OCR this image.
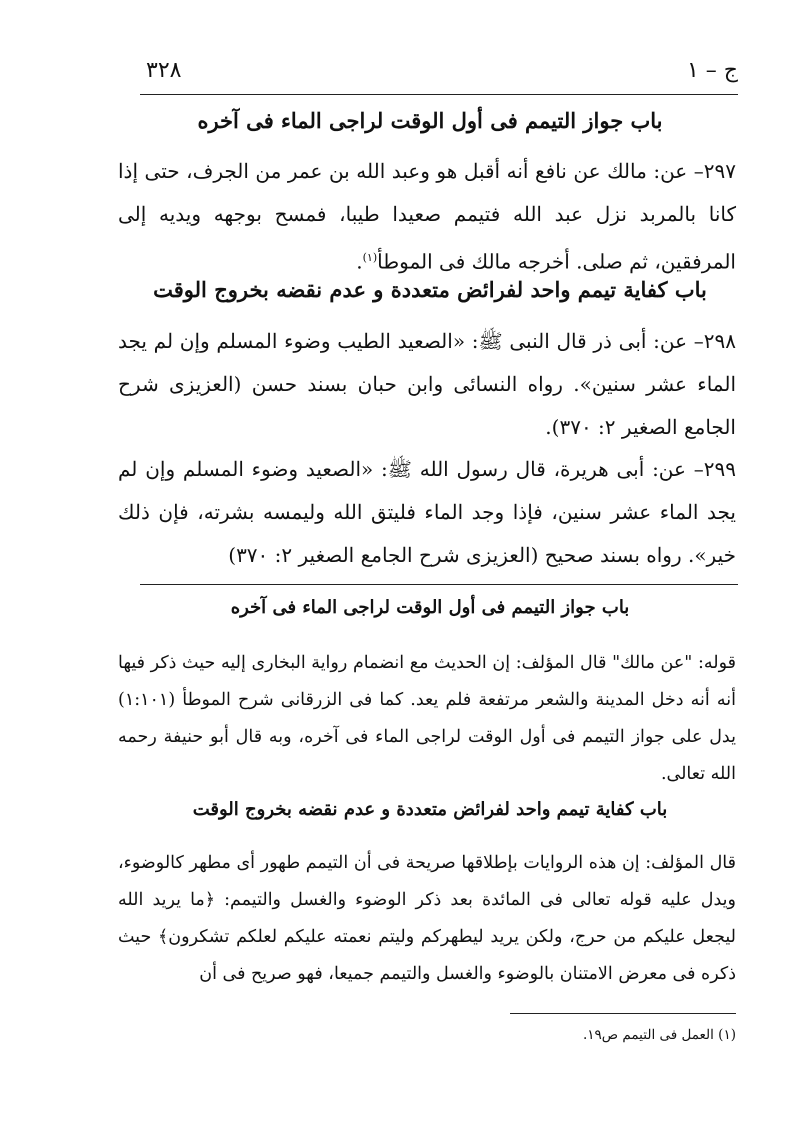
ج – ١
٣٢٨
باب جواز التيمم فى أول الوقت لراجى الماء فى آخره
٢٩٧– عن: مالك عن نافع أنه أقبل هو وعبد الله بن عمر من الجرف، حتى إذا كانا بالمربد نزل عبد الله فتيمم صعيدا طيبا، فمسح بوجهه ويديه إلى المرفقين، ثم صلى. أخرجه مالك فى الموطأ$^{(١)}$.
باب كفاية تيمم واحد لفرائض متعددة و عدم نقضه بخروج الوقت
٢٩٨– عن: أبى ذر قال النبى ﷺ: «الصعيد الطيب وضوء المسلم وإن لم يجد الماء عشر سنين». رواه النسائى وابن حبان بسند حسن (العزيزى شرح الجامع الصغير ٢: ٣٧٠).
٢٩٩– عن: أبى هريرة، قال رسول الله ﷺ: «الصعيد وضوء المسلم وإن لم يجد الماء عشر سنين، فإذا وجد الماء فليتق الله وليمسه بشرته، فإن ذلك خير». رواه بسند صحيح (العزيزى شرح الجامع الصغير ٢: ٣٧٠)
باب جواز التيمم فى أول الوقت لراجى الماء فى آخره
قوله: "عن مالك" قال المؤلف: إن الحديث مع انضمام رواية البخارى إليه حيث ذكر فيها أنه أنه دخل المدينة والشعر مرتفعة فلم يعد. كما فى الزرقانى شرح الموطأ (١:١٠١) يدل على جواز التيمم فى أول الوقت لراجى الماء فى آخره، وبه قال أبو حنيفة رحمه الله تعالى.
باب كفاية تيمم واحد لفرائض متعددة و عدم نقضه بخروج الوقت
قال المؤلف: إن هذه الروايات بإطلاقها صريحة فى أن التيمم طهور أى مطهر كالوضوء، ويدل عليه قوله تعالى فى المائدة بعد ذكر الوضوء والغسل والتيمم: ﴿ما يريد الله ليجعل عليكم من حرج، ولكن يريد ليطهركم وليتم نعمته عليكم لعلكم تشكرون﴾ حيث ذكره فى معرض الامتنان بالوضوء والغسل والتيمم جميعا، فهو صريح فى أن
(١) العمل فى التيمم ص١٩.
